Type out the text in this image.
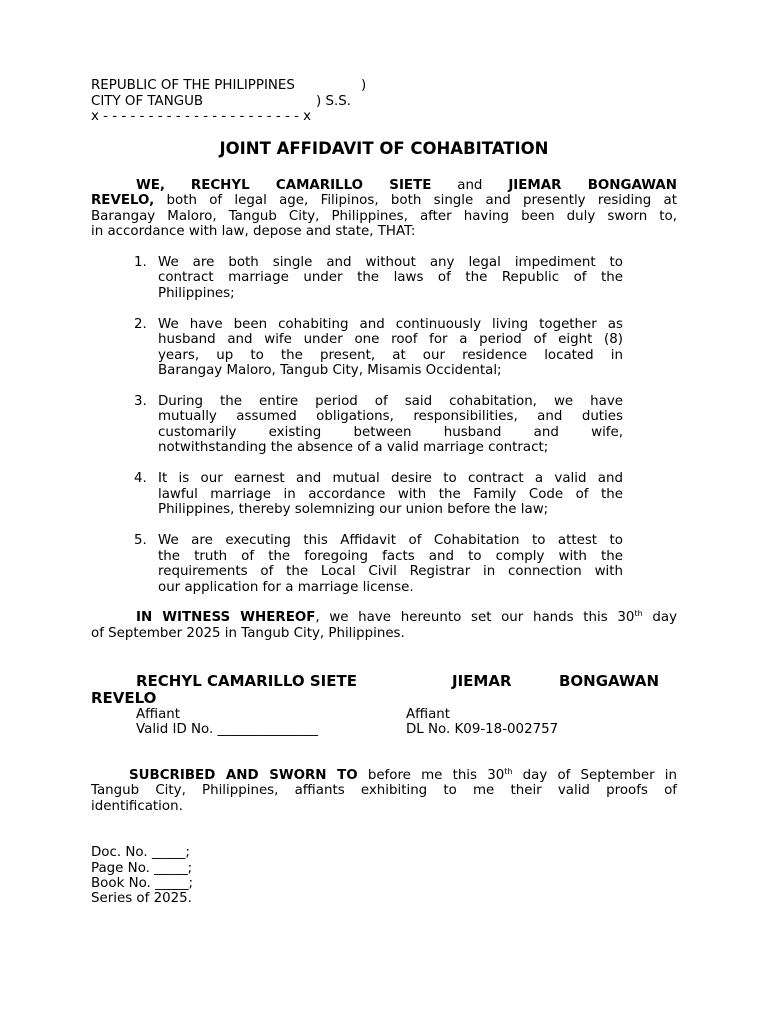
REPUBLIC OF THE PHILIPPINES	)
CITY OF TANGUB	) S.S.
x - - - - - - - - - - - - - - - - - - - - - - x
JOINT AFFIDAVIT OF COHABITATION
WE, RECHYL CAMARILLO SIETE and JIEMAR BONGAWAN
REVELO, both of legal age, Filipinos, both single and presently residing at
Barangay Maloro, Tangub City, Philippines, after having been duly sworn to,
in accordance with law, depose and state, THAT:
1. We are both single and without any legal impediment to
contract marriage under the laws of the Republic of the
Philippines;
2. We have been cohabiting and continuously living together as
husband and wife under one roof for a period of eight (8)
years, up to the present, at our residence located in
Barangay Maloro, Tangub City, Misamis Occidental;
3. During the entire period of said cohabitation, we have
mutually assumed obligations, responsibilities, and duties
customarily existing between husband and wife,
notwithstanding the absence of a valid marriage contract;
4. It is our earnest and mutual desire to contract a valid and
lawful marriage in accordance with the Family Code of the
Philippines, thereby solemnizing our union before the law;
5. We are executing this Affidavit of Cohabitation to attest to
the truth of the foregoing facts and to comply with the
requirements of the Local Civil Registrar in connection with
our application for a marriage license.
IN WITNESS WHEREOF, we have hereunto set our hands this 30th day
of September 2025 in Tangub City, Philippines.
RECHYL CAMARILLO SIETE	JIEMAR	BONGAWAN
REVELO
Affiant	Affiant
Valid ID No. _______________	DL No. K09-18-002757
SUBCRIBED AND SWORN TO before me this 30th day of September in
Tangub City, Philippines, affiants exhibiting to me their valid proofs of
identification.
Doc. No. _____;
Page No. _____;
Book No. _____;
Series of 2025.
